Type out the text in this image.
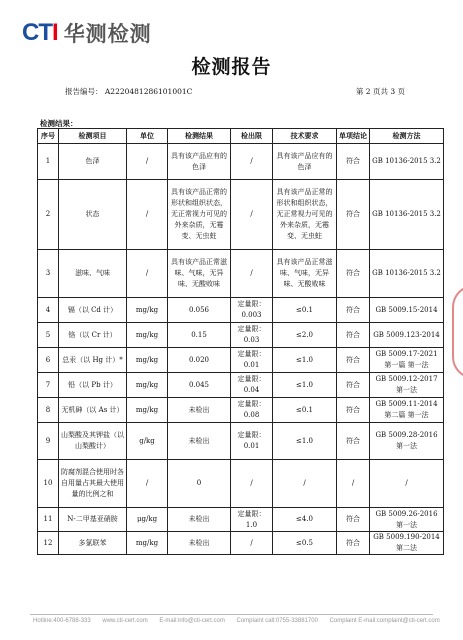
CTI 华测检测
检测报告
报告编号： A2220481286101001C	第 2 页共 3 页
检测结果：
序号	检测项目	单位	检测结果	检出限	技术要求	单项结论	检测方法
1	色泽	/	具有该产品应有的色泽	/	具有该产品应有的色泽	符合	GB 10136-2015 3.2
2	状态	/	具有该产品正常的形状和组织状态，无正常视力可见的外来杂质，无霉变、无虫蛀	/	具有该产品正常的形状和组织状态，无正常视力可见的外来杂质，无霉变、无虫蛀	符合	GB 10136-2015 3.2
3	滋味、气味	/	具有该产品正常滋味、气味，无异味、无酸败味	/	具有该产品正常滋味、气味，无异味、无酸败味	符合	GB 10136-2015 3.2
4	镉（以 Cd 计）	mg/kg	0.056	定量限：0.003	≤0.1	符合	GB 5009.15-2014
5	铬（以 Cr 计）	mg/kg	0.15	定量限：0.03	≤2.0	符合	GB 5009.123-2014
6	总汞（以 Hg 计）*	mg/kg	0.020	定量限：0.01	≤1.0	符合	GB 5009.17-2021 第一篇 第一法
7	铅（以 Pb 计）	mg/kg	0.045	定量限：0.04	≤1.0	符合	GB 5009.12-2017 第一法
8	无机砷（以 As 计）	mg/kg	未检出	定量限：0.08	≤0.1	符合	GB 5009.11-2014 第二篇 第一法
9	山梨酸及其钾盐（以山梨酸计）	g/kg	未检出	定量限：0.01	≤1.0	符合	GB 5009.28-2016 第一法
10	防腐剂混合使用时各自用量占其最大使用量的比例之和	/	0	/	/	/	/
11	N-二甲基亚硝胺	μg/kg	未检出	定量限：1.0	≤4.0	符合	GB 5009.26-2016 第一法
12	多氯联苯	mg/kg	未检出	/	≤0.5	符合	GB 5009.190-2014 第二法
Hotline:400-6788-333 www.cti-cert.com E-mail:info@cti-cert.com Complaint call:0755-33881700 Complaint E-mail:complaint@cti-cert.com
